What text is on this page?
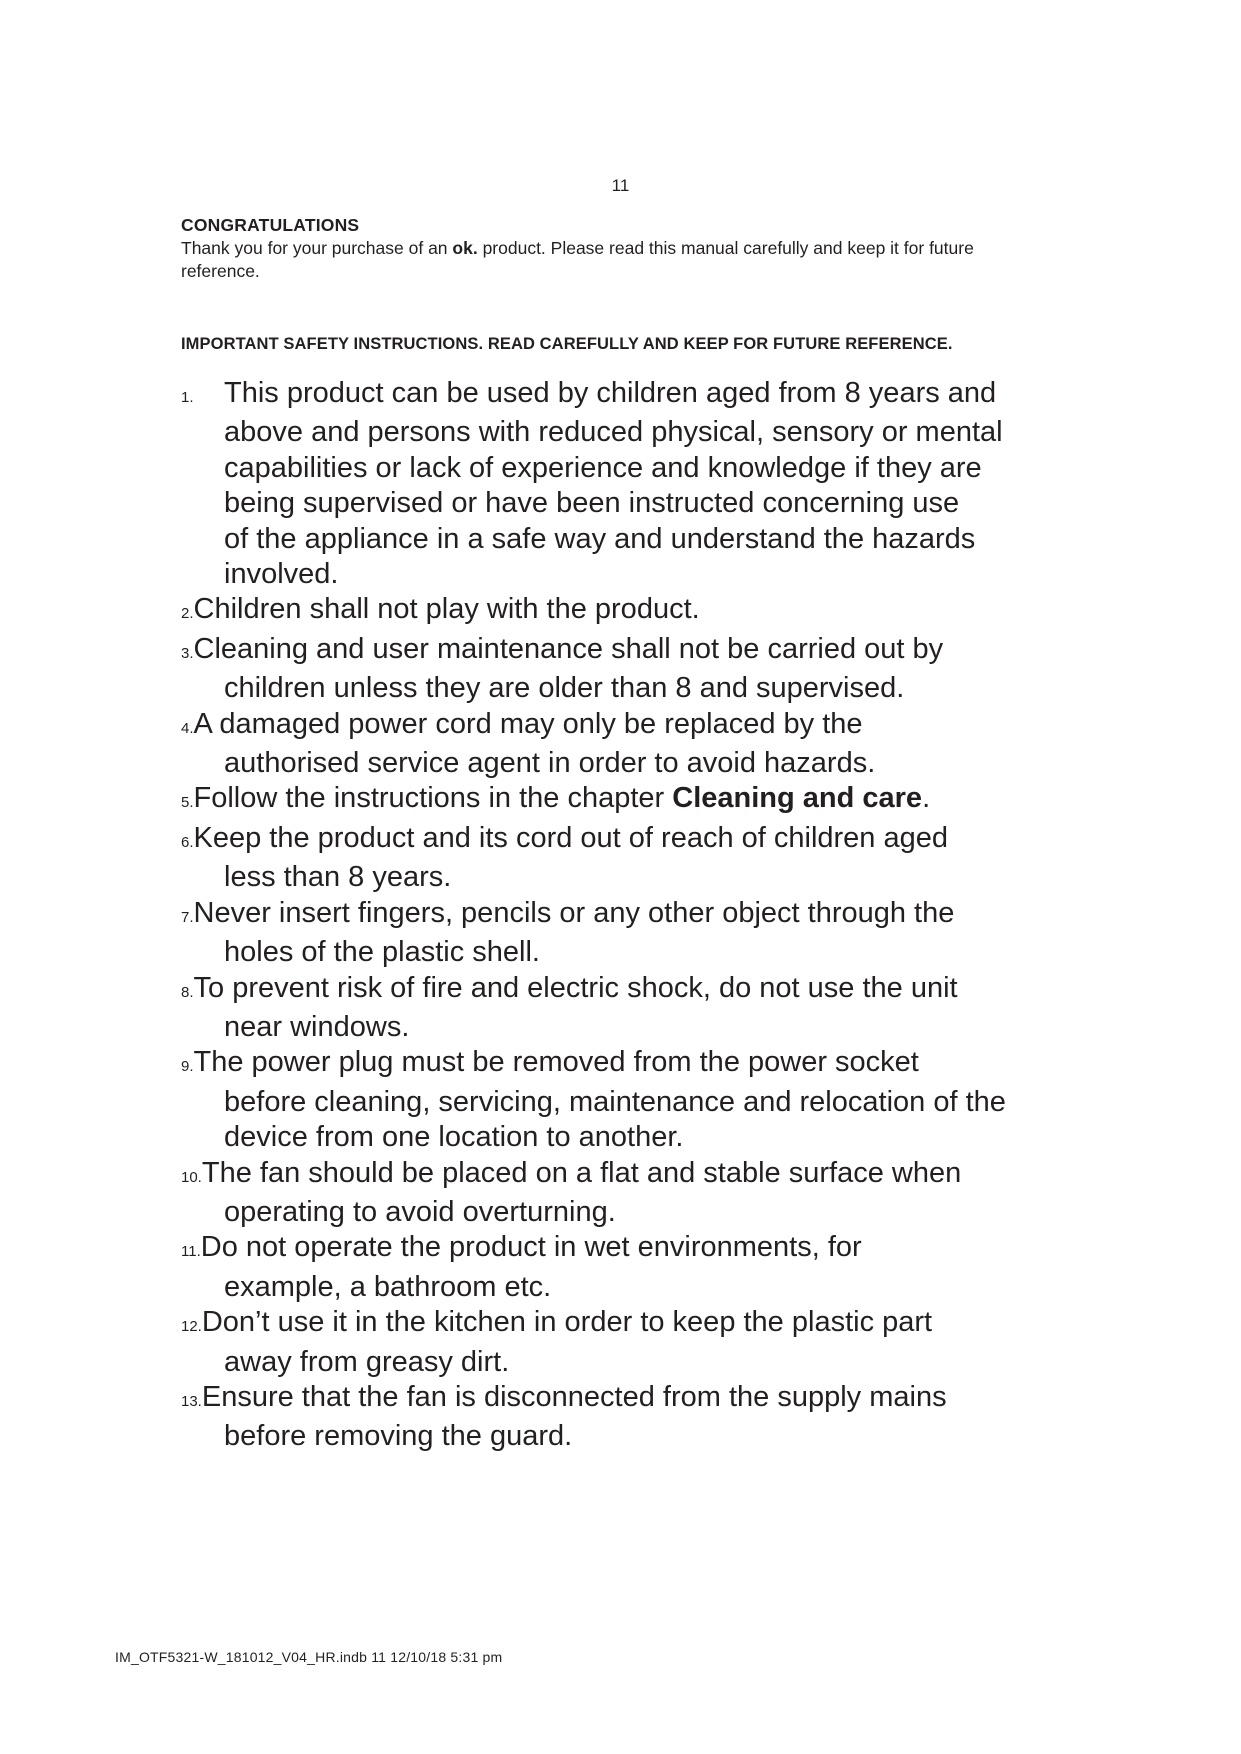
11
CONGRATULATIONS
Thank you for your purchase of an ok. product. Please read this manual carefully and keep it for future
reference.
IMPORTANT SAFETY INSTRUCTIONS. READ CAREFULLY AND KEEP FOR FUTURE REFERENCE.
1. This product can be used by children aged from 8 years and
above and persons with reduced physical, sensory or mental
capabilities or lack of experience and knowledge if they are
being supervised or have been instructed concerning use
of the appliance in a safe way and understand the hazards
involved.
2.Children shall not play with the product.
3.Cleaning and user maintenance shall not be carried out by
children unless they are older than 8 and supervised.
4.A damaged power cord may only be replaced by the
authorised service agent in order to avoid hazards.
5.Follow the instructions in the chapter Cleaning and care.
6.Keep the product and its cord out of reach of children aged
less than 8 years.
7.Never insert fingers, pencils or any other object through the
holes of the plastic shell.
8.To prevent risk of fire and electric shock, do not use the unit
near windows.
9.The power plug must be removed from the power socket
before cleaning, servicing, maintenance and relocation of the
device from one location to another.
10.The fan should be placed on a flat and stable surface when
operating to avoid overturning.
11.Do not operate the product in wet environments, for
example, a bathroom etc.
12.Don’t use it in the kitchen in order to keep the plastic part
away from greasy dirt.
13.Ensure that the fan is disconnected from the supply mains
before removing the guard.
IM_OTF5321-W_181012_V04_HR.indb 11 12/10/18 5:31 pm
